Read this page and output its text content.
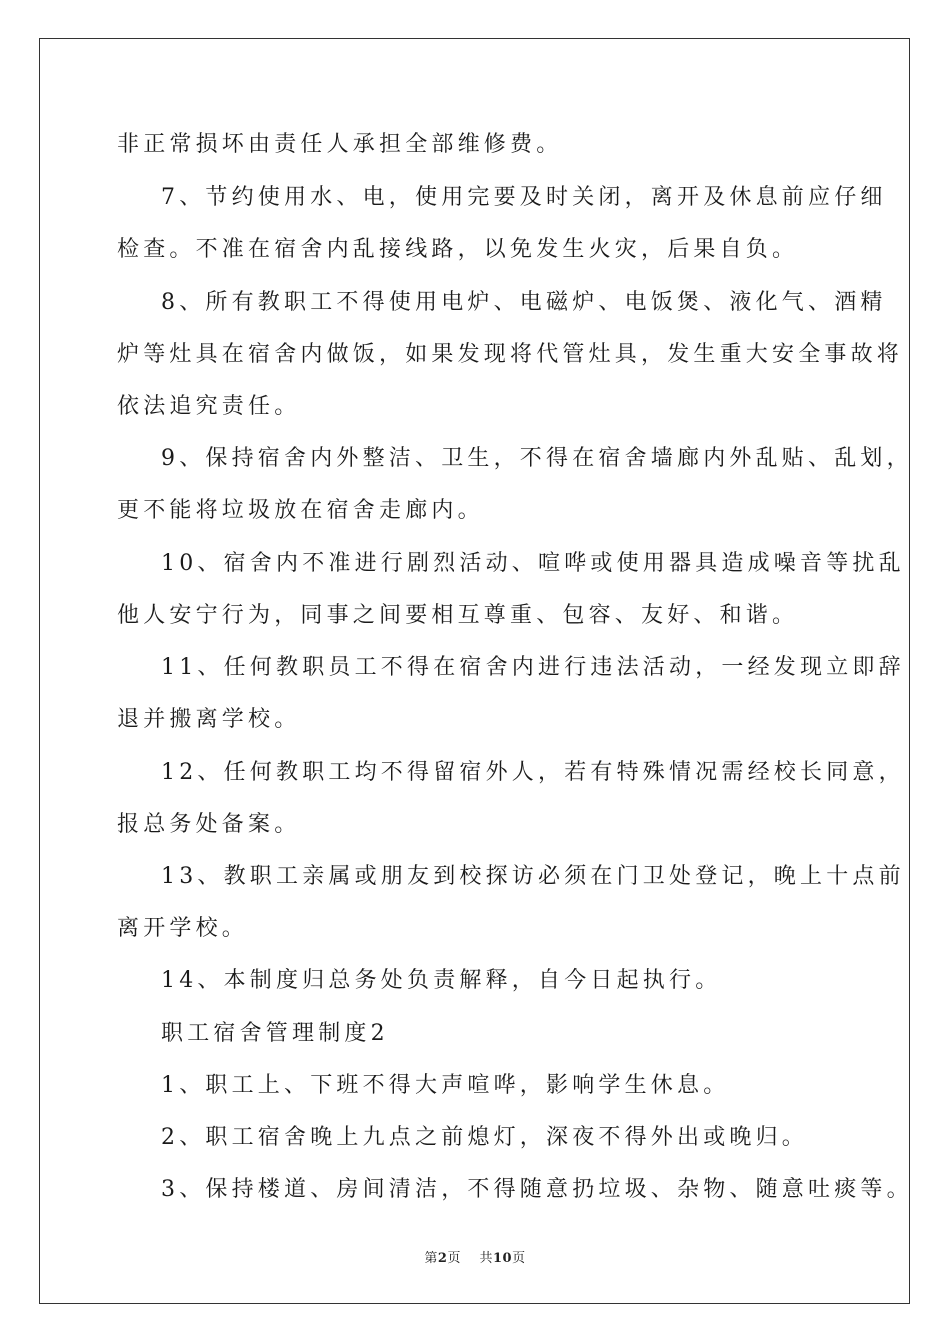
非正常损坏由责任人承担全部维修费。
7、节约使用水、电，使用完要及时关闭，离开及休息前应仔细
检查。不准在宿舍内乱接线路，以免发生火灾，后果自负。
8、所有教职工不得使用电炉、电磁炉、电饭煲、液化气、酒精
炉等灶具在宿舍内做饭，如果发现将代管灶具，发生重大安全事故将
依法追究责任。
9、保持宿舍内外整洁、卫生，不得在宿舍墙廊内外乱贴、乱划，
更不能将垃圾放在宿舍走廊内。
10、宿舍内不准进行剧烈活动、喧哗或使用器具造成噪音等扰乱
他人安宁行为，同事之间要相互尊重、包容、友好、和谐。
11、任何教职员工不得在宿舍内进行违法活动，一经发现立即辞
退并搬离学校。
12、任何教职工均不得留宿外人，若有特殊情况需经校长同意，
报总务处备案。
13、教职工亲属或朋友到校探访必须在门卫处登记，晚上十点前
离开学校。
14、本制度归总务处负责解释，自今日起执行。
职工宿舍管理制度2
1、职工上、下班不得大声喧哗，影响学生休息。
2、职工宿舍晚上九点之前熄灯，深夜不得外出或晚归。
3、保持楼道、房间清洁，不得随意扔垃圾、杂物、随意吐痰等。
第2页 共10页
